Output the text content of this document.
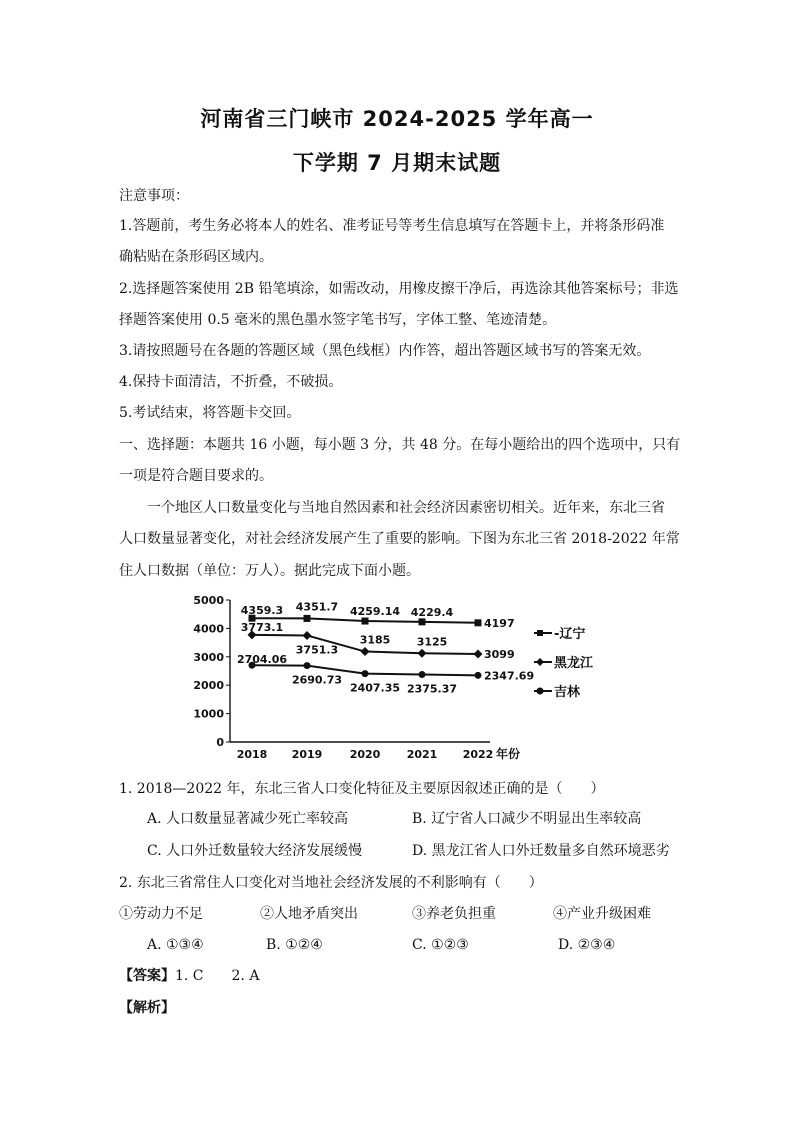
河南省三门峡市 2024-2025 学年高一
下学期 7 月期末试题
注意事项：
1.答题前，考生务必将本人的姓名、准考证号等考生信息填写在答题卡上，并将条形码准
确粘贴在条形码区域内。
2.选择题答案使用 2B 铅笔填涂，如需改动，用橡皮擦干净后，再选涂其他答案标号；非选
择题答案使用 0.5 毫米的黑色墨水签字笔书写，字体工整、笔迹清楚。
3.请按照题号在各题的答题区域（黑色线框）内作答，超出答题区域书写的答案无效。
4.保持卡面清洁，不折叠，不破损。
5.考试结束，将答题卡交回。
一、选择题：本题共 16 小题，每小题 3 分，共 48 分。在每小题给出的四个选项中，只有
一项是符合题目要求的。
一个地区人口数量变化与当地自然因素和社会经济因素密切相关。近年来，东北三省
人口数量显著变化，对社会经济发展产生了重要的影响。下图为东北三省 2018-2022 年常
住人口数据（单位：万人）。据此完成下面小题。
0
1000
2000
3000
4000
5000
2018 2019 2020 2021 2022 年份
4359.3 4351.7 4259.14 4229.4
4197
3773.1
3751.3
3185 3125
3099
2704.06
2690.73
2407.35 2375.37
2347.69
-辽宁
黑龙江
吉林
1. 2018—2022 年，东北三省人口变化特征及主要原因叙述正确的是（　　）
A. 人口数量显著减少死亡率较高	B. 辽宁省人口减少不明显出生率较高
C. 人口外迁数量较大经济发展缓慢	D. 黑龙江省人口外迁数量多自然环境恶劣
2. 东北三省常住人口变化对当地社会经济发展的不利影响有（　　）
①劳动力不足	②人地矛盾突出	③养老负担重	④产业升级困难
A. ①③④	B. ①②④	C. ①②③	D. ②③④
【答案】1. C　　2. A
【解析】
